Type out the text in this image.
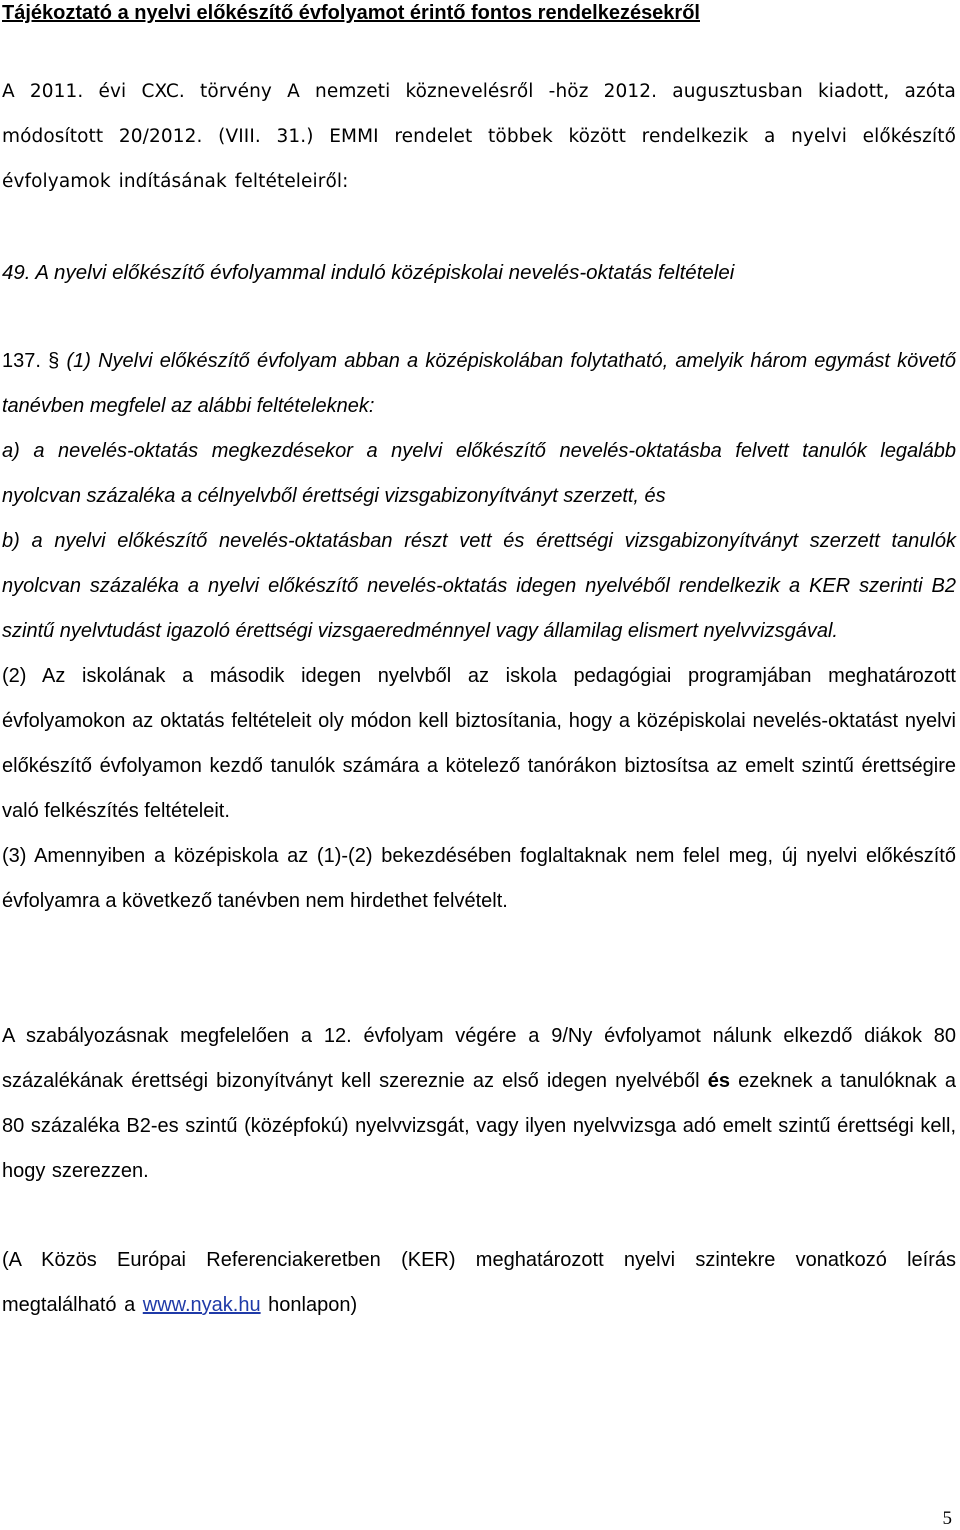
Tájékoztató a nyelvi előkészítő évfolyamot érintő fontos rendelkezésekről
A 2011. évi CXC. törvény A nemzeti köznevelésről -höz 2012. augusztusban kiadott, azóta módosított 20/2012. (VIII. 31.) EMMI rendelet többek között rendelkezik a nyelvi előkészítő évfolyamok indításának feltételeiről:
49. A nyelvi előkészítő évfolyammal induló középiskolai nevelés-oktatás feltételei
137. § (1) Nyelvi előkészítő évfolyam abban a középiskolában folytatható, amelyik három egymást követő tanévben megfelel az alábbi feltételeknek:
a) a nevelés-oktatás megkezdésekor a nyelvi előkészítő nevelés-oktatásba felvett tanulók legalább nyolcvan százaléka a célnyelvből érettségi vizsgabizonyítványt szerzett, és
b) a nyelvi előkészítő nevelés-oktatásban részt vett és érettségi vizsgabizonyítványt szerzett tanulók nyolcvan százaléka a nyelvi előkészítő nevelés-oktatás idegen nyelvéből rendelkezik a KER szerinti B2 szintű nyelvtudást igazoló érettségi vizsgaeredménnyel vagy államilag elismert nyelvvizsgával.
(2) Az iskolának a második idegen nyelvből az iskola pedagógiai programjában meghatározott évfolyamokon az oktatás feltételeit oly módon kell biztosítania, hogy a középiskolai nevelés-oktatást nyelvi előkészítő évfolyamon kezdő tanulók számára a kötelező tanórákon biztosítsa az emelt szintű érettségire való felkészítés feltételeit.
(3) Amennyiben a középiskola az (1)-(2) bekezdésében foglaltaknak nem felel meg, új nyelvi előkészítő évfolyamra a következő tanévben nem hirdethet felvételt.
A szabályozásnak megfelelően a 12. évfolyam végére a 9/Ny évfolyamot nálunk elkezdő diákok 80 százalékának érettségi bizonyítványt kell szereznie az első idegen nyelvéből és ezeknek a tanulóknak a 80 százaléka B2-es szintű (középfokú) nyelvvizsgát, vagy ilyen nyelvvizsga adó emelt szintű érettségi kell, hogy szerezzen.
(A Közös Európai Referenciakeretben (KER) meghatározott nyelvi szintekre vonatkozó leírás megtalálható a www.nyak.hu honlapon)
5
